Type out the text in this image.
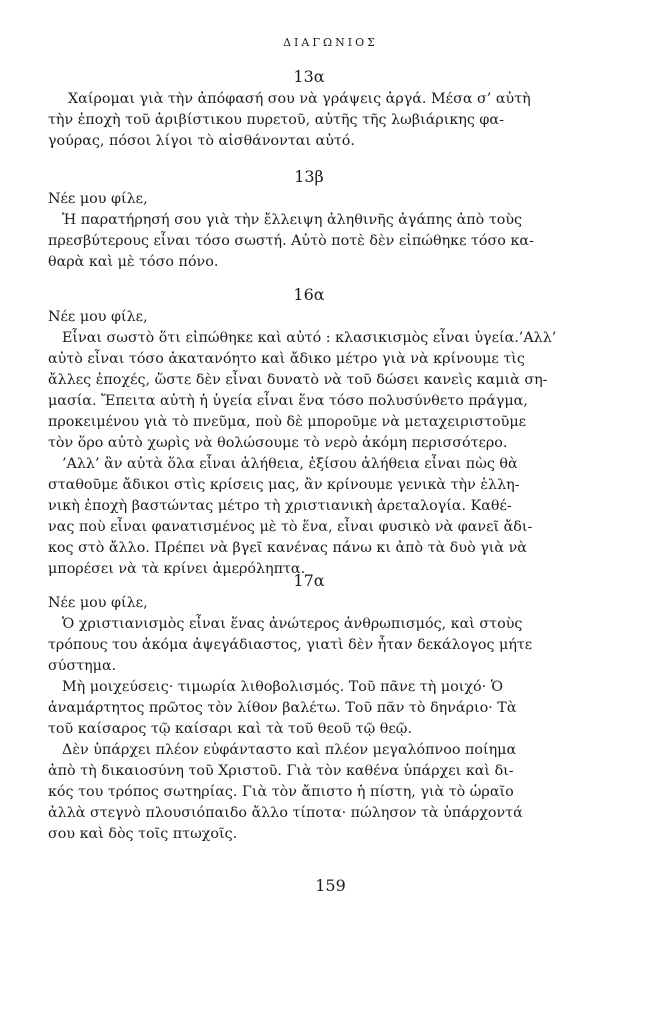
ΔΙΑΓΩΝΙΟΣ
13α
Χαίρομαι γιὰ τὴν ἀπόφασή σου νὰ γράψεις ἀργά. Μέσα σ’ αὐτὴ
τὴν ἐποχὴ τοῦ ἀριβίστικου πυρετοῦ, αὐτῆς τῆς λωβιάρικης φα-
γούρας, πόσοι λίγοι τὸ αἰσθάνονται αὐτό.
13β
Νέε μου φίλε,
Ἡ παρατήρησή σου γιὰ τὴν ἔλλειψη ἀληθινῆς ἀγάπης ἀπὸ τοὺς
πρεσβύτερους εἶναι τόσο σωστή. Αὐτὸ ποτὲ δὲν εἰπώθηκε τόσο κα-
θαρὰ καὶ μὲ τόσο πόνο.
16α
Νέε μου φίλε,
Εἶναι σωστὸ ὅτι εἰπώθηκε καὶ αὐτό : κλασικισμὸς εἶναι ὑγεία.’Αλλ’
αὐτὸ εἶναι τόσο ἀκατανόητο καὶ ἄδικο μέτρο γιὰ νὰ κρίνουμε τὶς
ἄλλες ἐποχές, ὥστε δὲν εἶναι δυνατὸ νὰ τοῦ δώσει κανεὶς καμιὰ ση-
μασία. Ἔπειτα αὐτὴ ἡ ὑγεία εἶναι ἕνα τόσο πολυσύνθετο πράγμα,
προκειμένου γιὰ τὸ πνεῦμα, ποὺ δὲ μποροῦμε νὰ μεταχειριστοῦμε
τὸν ὅρο αὐτὸ χωρὶς νὰ θολώσουμε τὸ νερὸ ἀκόμη περισσότερο.
’Αλλ’ ἂν αὐτὰ ὅλα εἶναι ἀλήθεια, ἐξίσου ἀλήθεια εἶναι πὼς θὰ
σταθοῦμε ἄδικοι στὶς κρίσεις μας, ἂν κρίνουμε γενικὰ τὴν ἑλλη-
νικὴ ἐποχὴ βαστώντας μέτρο τὴ χριστιανικὴ ἀρεταλογία. Καθέ-
νας ποὺ εἶναι φανατισμένος μὲ τὸ ἕνα, εἶναι φυσικὸ νὰ φανεῖ ἄδι-
κος στὸ ἄλλο. Πρέπει νὰ βγεῖ κανένας πάνω κι ἀπὸ τὰ δυὸ γιὰ νὰ
μπορέσει νὰ τὰ κρίνει ἀμερόληπτα.
17α
Νέε μου φίλε,
Ὁ χριστιανισμὸς εἶναι ἕνας ἀνώτερος ἀνθρωπισμός, καὶ στοὺς
τρόπους του ἀκόμα ἀψεγάδιαστος, γιατὶ δὲν ἦταν δεκάλογος μήτε
σύστημα.
Μὴ μοιχεύσεις· τιμωρία λιθοβολισμός. Τοῦ πᾶνε τὴ μοιχό· Ὁ
ἀναμάρτητος πρῶτος τὸν λίθον βαλέτω. Τοῦ πᾶν τὸ δηνάριο· Τὰ
τοῦ καίσαρος τῷ καίσαρι καὶ τὰ τοῦ θεοῦ τῷ θεῷ.
Δὲν ὑπάρχει πλέον εὐφάνταστο καὶ πλέον μεγαλόπνοο ποίημα
ἀπὸ τὴ δικαιοσύνη τοῦ Χριστοῦ. Γιὰ τὸν καθένα ὑπάρχει καὶ δι-
κός του τρόπος σωτηρίας. Γιὰ τὸν ἄπιστο ἡ πίστη, γιὰ τὸ ὡραῖο
ἀλλὰ στεγνὸ πλουσιόπαιδο ἄλλο τίποτα· πώλησον τὰ ὑπάρχοντά
σου καὶ δὸς τοῖς πτωχοῖς.
159
